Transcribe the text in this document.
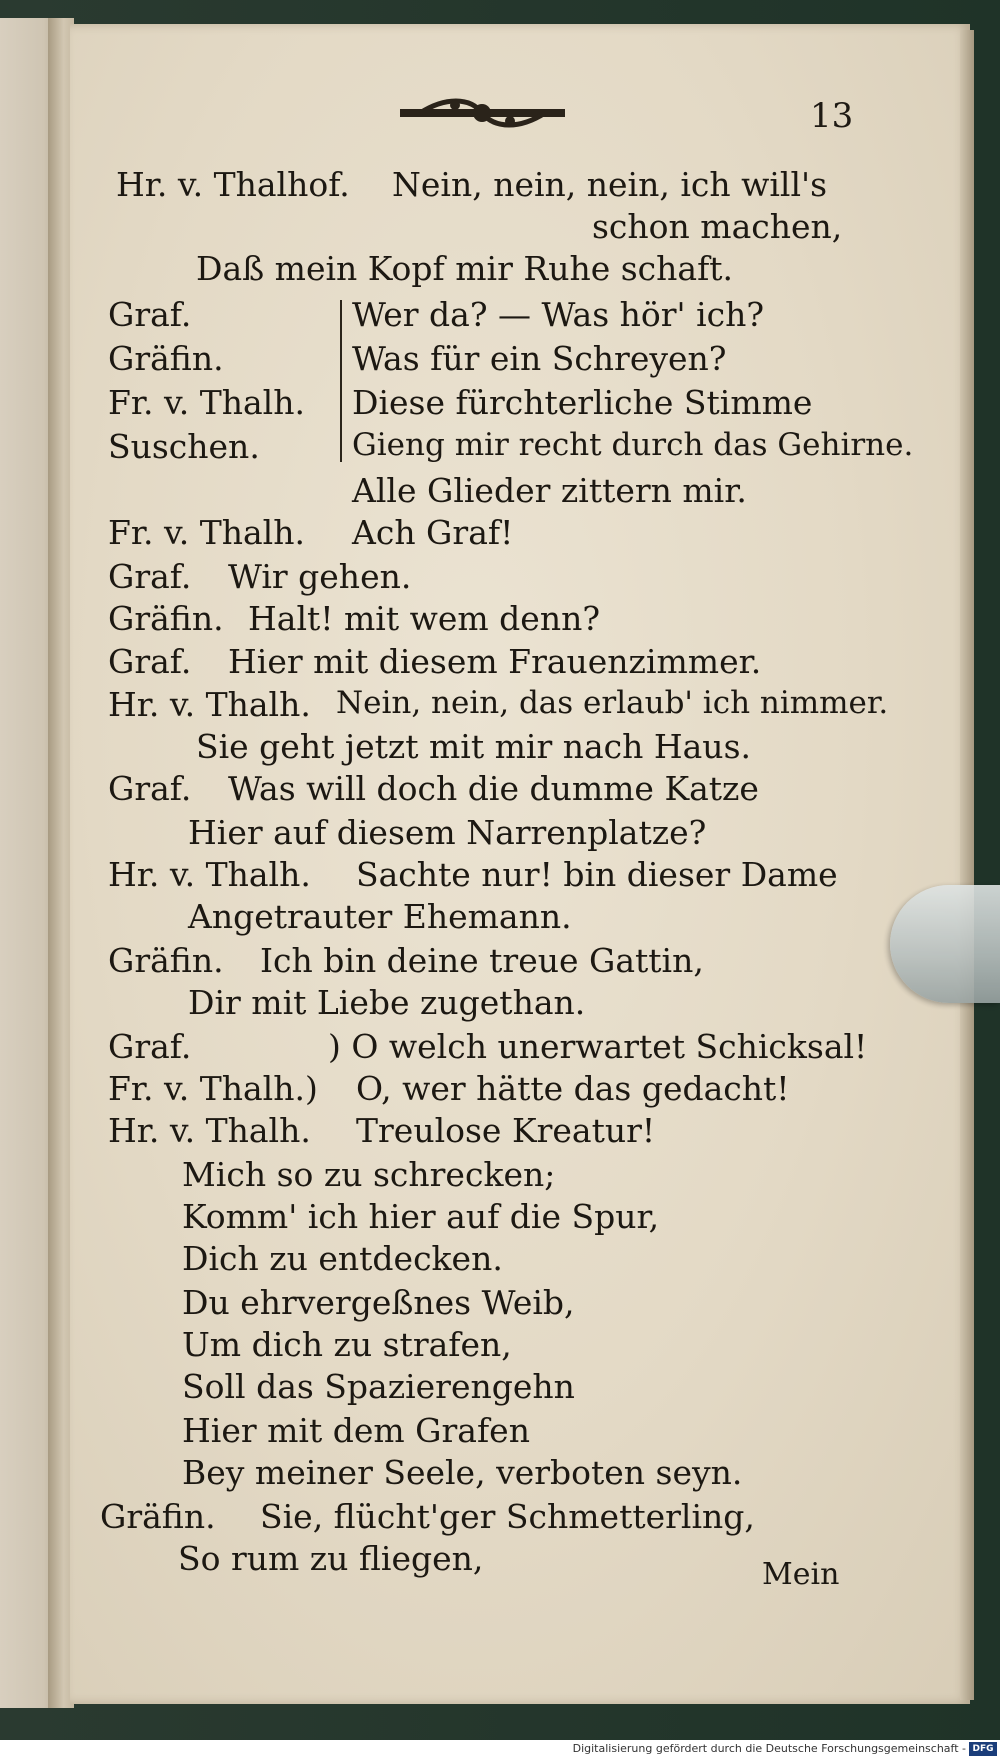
13
Hr. v. Thalhof. Nein, nein, nein, ich will's
schon machen,
Daß mein Kopf mir Ruhe schaft.
Graf.	Wer da? — Was hör' ich?
Gräfin.	Was für ein Schreyen?
Fr. v. Thalh. Diese fürchterliche Stimme
Suschen.	Gieng mir recht durch das Gehirne.
Alle Glieder zittern mir.
Fr. v. Thalh. Ach Graf!
Graf. Wir gehen.
Gräfin. Halt! mit wem denn?
Graf. Hier mit diesem Frauenzimmer.
Hr. v. Thalh. Nein, nein, das erlaub' ich nimmer.
Sie geht jetzt mit mir nach Haus.
Graf. Was will doch die dumme Katze
Hier auf diesem Narrenplatze?
Hr. v. Thalh. Sachte nur! bin dieser Dame
Angetrauter Ehemann.
Gräfin. Ich bin deine treue Gattin,
Dir mit Liebe zugethan.
Graf.	) O welch unerwartet Schicksal!
Fr. v. Thalh.) O, wer hätte das gedacht!
Hr. v. Thalh. Treulose Kreatur!
Mich so zu schrecken;
Komm' ich hier auf die Spur,
Dich zu entdecken.
Du ehrvergeßnes Weib,
Um dich zu strafen,
Soll das Spazierengehn
Hier mit dem Grafen
Bey meiner Seele, verboten seyn.
Gräfin. Sie, flücht'ger Schmetterling,
So rum zu fliegen,	Mein
Digitalisierung gefördert durch die Deutsche Forschungsgemeinschaft - DFG
